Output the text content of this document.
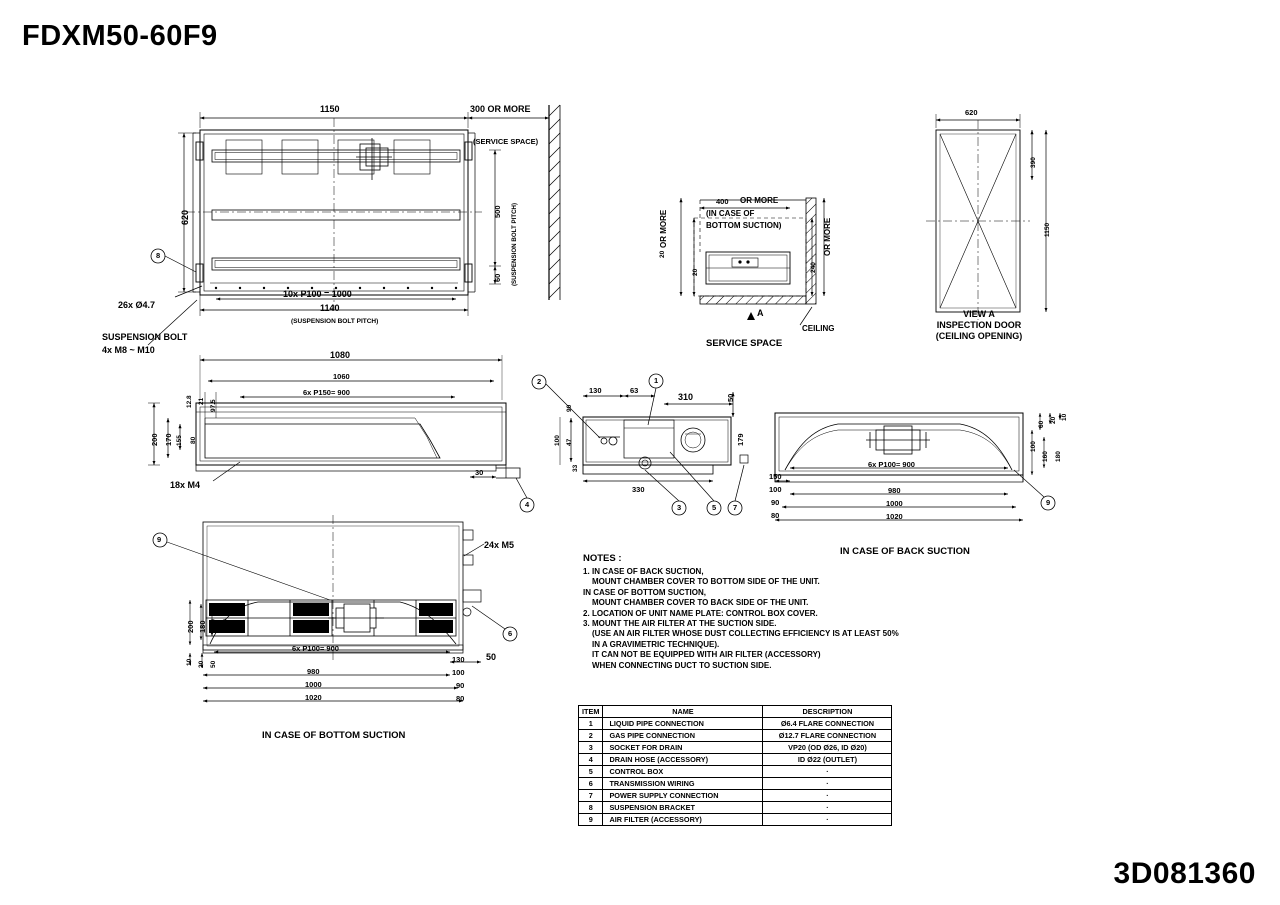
FDXM50-60F9
1150	300 OR MORE
(SERVICE SPACE)
620	500
60 (SUSPENSION BOLT PITCH)
10x P100 = 1000
1140
(SUSPENSION BOLT PITCH)
26x Ø4.7
SUSPENSION BOLT
4x M8 ~ M10
8
1080
1060
6x P150= 900
12.8 21 97.5
200 170 155 80
30
18x M4
4
2	1
130	63
310	50
90
100 47	179
33
330
3	5 7
6x P100= 900
150
100
90
80
980
1000
1020
60
20 10
100
160 180
9
IN CASE OF BACK SUCTION
9
24x M5
200 180 160 100
10 20 50
6x P100= 900
130 50
980	100
1000	90
1020	80
6
IN CASE OF BOTTOM SUCTION
400 OR MORE
(IN CASE OF
BOTTOM SUCTION)
20
OR MORE
20	240
OR MORE
A
CEILING
SERVICE SPACE
620
390
1150
VIEW A
INSPECTION DOOR
(CEILING OPENING)
NOTES :
1. IN CASE OF BACK SUCTION,
MOUNT CHAMBER COVER TO BOTTOM SIDE OF THE UNIT.
IN CASE OF BOTTOM SUCTION,
MOUNT CHAMBER COVER TO BACK SIDE OF THE UNIT.
2. LOCATION OF UNIT NAME PLATE: CONTROL BOX COVER.
3. MOUNT THE AIR FILTER AT THE SUCTION SIDE.
(USE AN AIR FILTER WHOSE DUST COLLECTING EFFICIENCY IS AT LEAST 50%
IN A GRAVIMETRIC TECHNIQUE).
IT CAN NOT BE EQUIPPED WITH AIR FILTER (ACCESSORY)
WHEN CONNECTING DUCT TO SUCTION SIDE.
ITEM	NAME	DESCRIPTION
1	LIQUID PIPE CONNECTION	Ø6.4 FLARE CONNECTION
2	GAS PIPE CONNECTION	Ø12.7 FLARE CONNECTION
3	SOCKET FOR DRAIN	VP20 (OD Ø26, ID Ø20)
4	DRAIN HOSE (ACCESSORY)	ID Ø22 (OUTLET)
5	CONTROL BOX	·
6	TRANSMISSION WIRING	·
7	POWER SUPPLY CONNECTION	·
8	SUSPENSION BRACKET	·
9	AIR FILTER (ACCESSORY)	·
3D081360
